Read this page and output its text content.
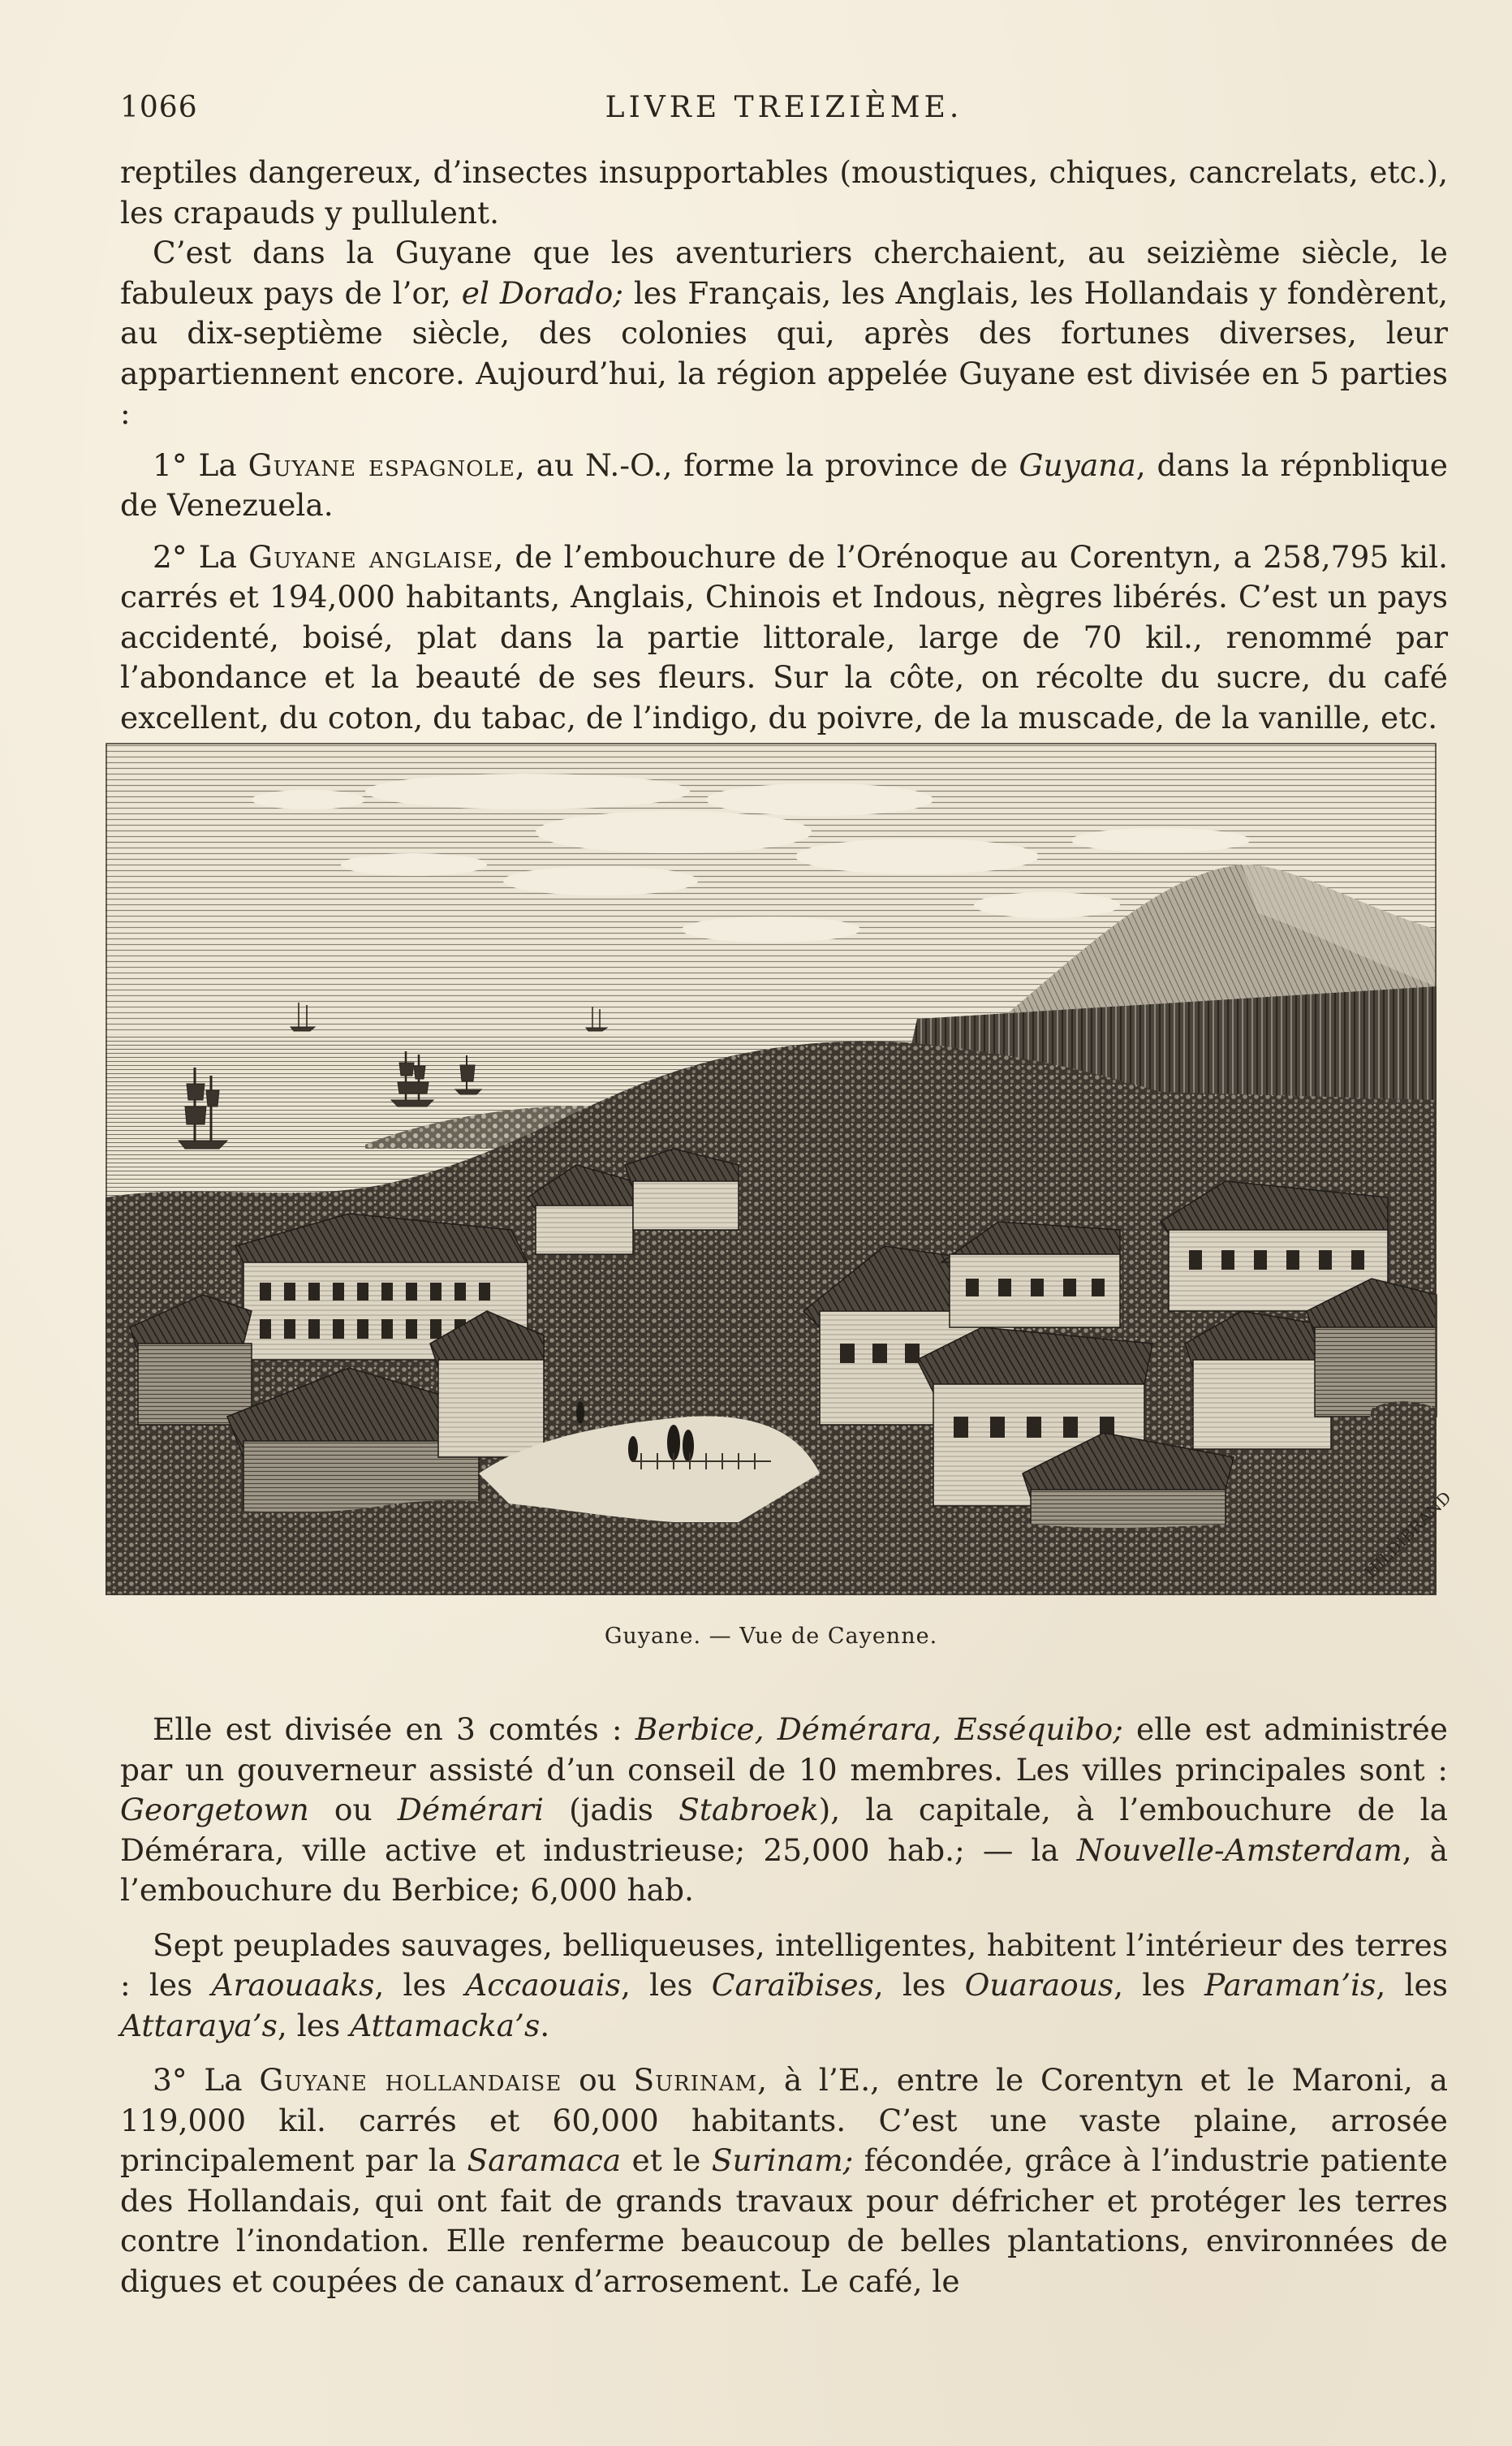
1066	LIVRE TREIZIÈME.

reptiles dangereux, d’insectes insupportables (moustiques, chiques, cancrelats, etc.), les crapauds y pullulent.

C’est dans la Guyane que les aventuriers cherchaient, au seizième siècle, le fabuleux pays de l’or, el Dorado; les Français, les Anglais, les Hollandais y fondèrent, au dix-septième siècle, des colonies qui, après des fortunes diverses, leur appartiennent encore. Aujourd’hui, la région appelée Guyane est divisée en 5 parties :

1° La Guyane espagnole, au N.-O., forme la province de Guyana, dans la répnblique de Venezuela.

2° La Guyane anglaise, de l’embouchure de l’Orénoque au Corentyn, a 258,795 kil. carrés et 194,000 habitants, Anglais, Chinois et Indous, nègres libérés. C’est un pays accidenté, boisé, plat dans la partie littorale, large de 70 kil., renommé par l’abondance et la beauté de ses fleurs. Sur la côte, on récolte du sucre, du café excellent, du coton, du tabac, de l’indigo, du poivre, de la muscade, de la vanille, etc.

HILDIBRAND
Guyane. — Vue de Cayenne.

Elle est divisée en 3 comtés : Berbice, Démérara, Esséquibo; elle est administrée par un gouverneur assisté d’un conseil de 10 membres. Les villes principales sont : Georgetown ou Démérari (jadis Stabroek), la capitale, à l’embouchure de la Démérara, ville active et industrieuse; 25,000 hab.; — la Nouvelle-Amsterdam, à l’embouchure du Berbice; 6,000 hab.

Sept peuplades sauvages, belliqueuses, intelligentes, habitent l’intérieur des terres : les Araouaaks, les Accaouais, les Caraïbises, les Ouaraous, les Paraman’is, les Attaraya’s, les Attamacka’s.

3° La Guyane hollandaise ou Surinam, à l’E., entre le Corentyn et le Maroni, a 119,000 kil. carrés et 60,000 habitants. C’est une vaste plaine, arrosée principalement par la Saramaca et le Surinam; fécondée, grâce à l’industrie patiente des Hollandais, qui ont fait de grands travaux pour défricher et protéger les terres contre l’inondation. Elle renferme beaucoup de belles plantations, environnées de digues et coupées de canaux d’arrosement. Le café, le
